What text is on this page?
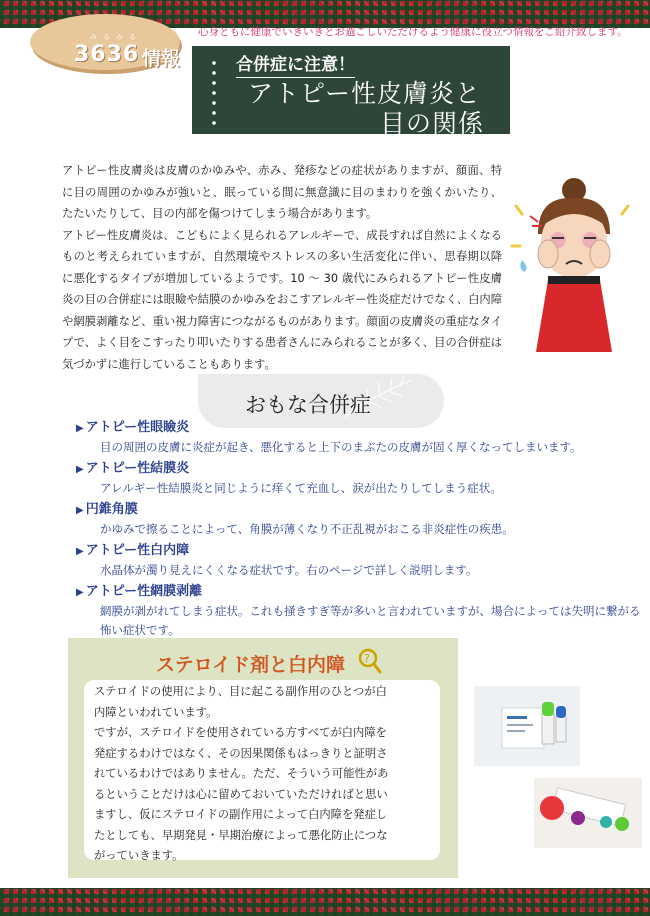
みるみる
3636 情報
心身ともに健康でいきいきとお過ごしいただけるよう健康に役立つ情報をご紹介致します。
合併症に注意！
アトピー性皮膚炎と
目の関係
アトピー性皮膚炎は皮膚のかゆみや、赤み、発疹などの症状がありますが、顔面、特に目の周囲のかゆみが強いと、眠っている間に無意識に目のまわりを強くかいたり、たたいたりして、目の内部を傷つけてしまう場合があります。
アトピー性皮膚炎は、こどもによく見られるアレルギーで、成長すれば自然によくなるものと考えられていますが、自然環境やストレスの多い生活変化に伴い、思春期以降に悪化するタイプが増加しているようです。10 〜 30 歳代にみられるアトピー性皮膚炎の目の合併症には眼瞼や結膜のかゆみをおこすアレルギー性炎症だけでなく、白内障や網膜剥離など、重い視力障害につながるものがあります。顔面の皮膚炎の重症なタイプで、よく目をこすったり叩いたりする患者さんにみられることが多く、目の合併症は気づかずに進行していることもあります。
おもな合併症
▶ アトピー性眼瞼炎
目の周囲の皮膚に炎症が起き、悪化すると上下のまぶたの皮膚が固く厚くなってしまいます。
▶ アトピー性結膜炎
アレルギー性結膜炎と同じように痒くて充血し、涙が出たりしてしまう症状。
▶ 円錐角膜
かゆみで擦ることによって、角膜が薄くなり不正乱視がおこる非炎症性の疾患。
▶ アトピー性白内障
水晶体が濁り見えにくくなる症状です。右のページで詳しく説明します。
▶ アトピー性網膜剥離
網膜が剥がれてしまう症状。これも掻きすぎ等が多いと言われていますが、場合によっては失明に繋がる怖い症状です。
ステロイド剤と白内障 ?
ステロイドの使用により、目に起こる副作用のひとつが白
内障といわれています。
ですが、ステロイドを使用されている方すべてが白内障を
発症するわけではなく、その因果関係もはっきりと証明さ
れているわけではありません。ただ、そういう可能性があ
るということだけは心に留めておいていただければと思い
ますし、仮にステロイドの副作用によって白内障を発症し
たとしても、早期発見・早期治療によって悪化防止につな
がっていきます。
